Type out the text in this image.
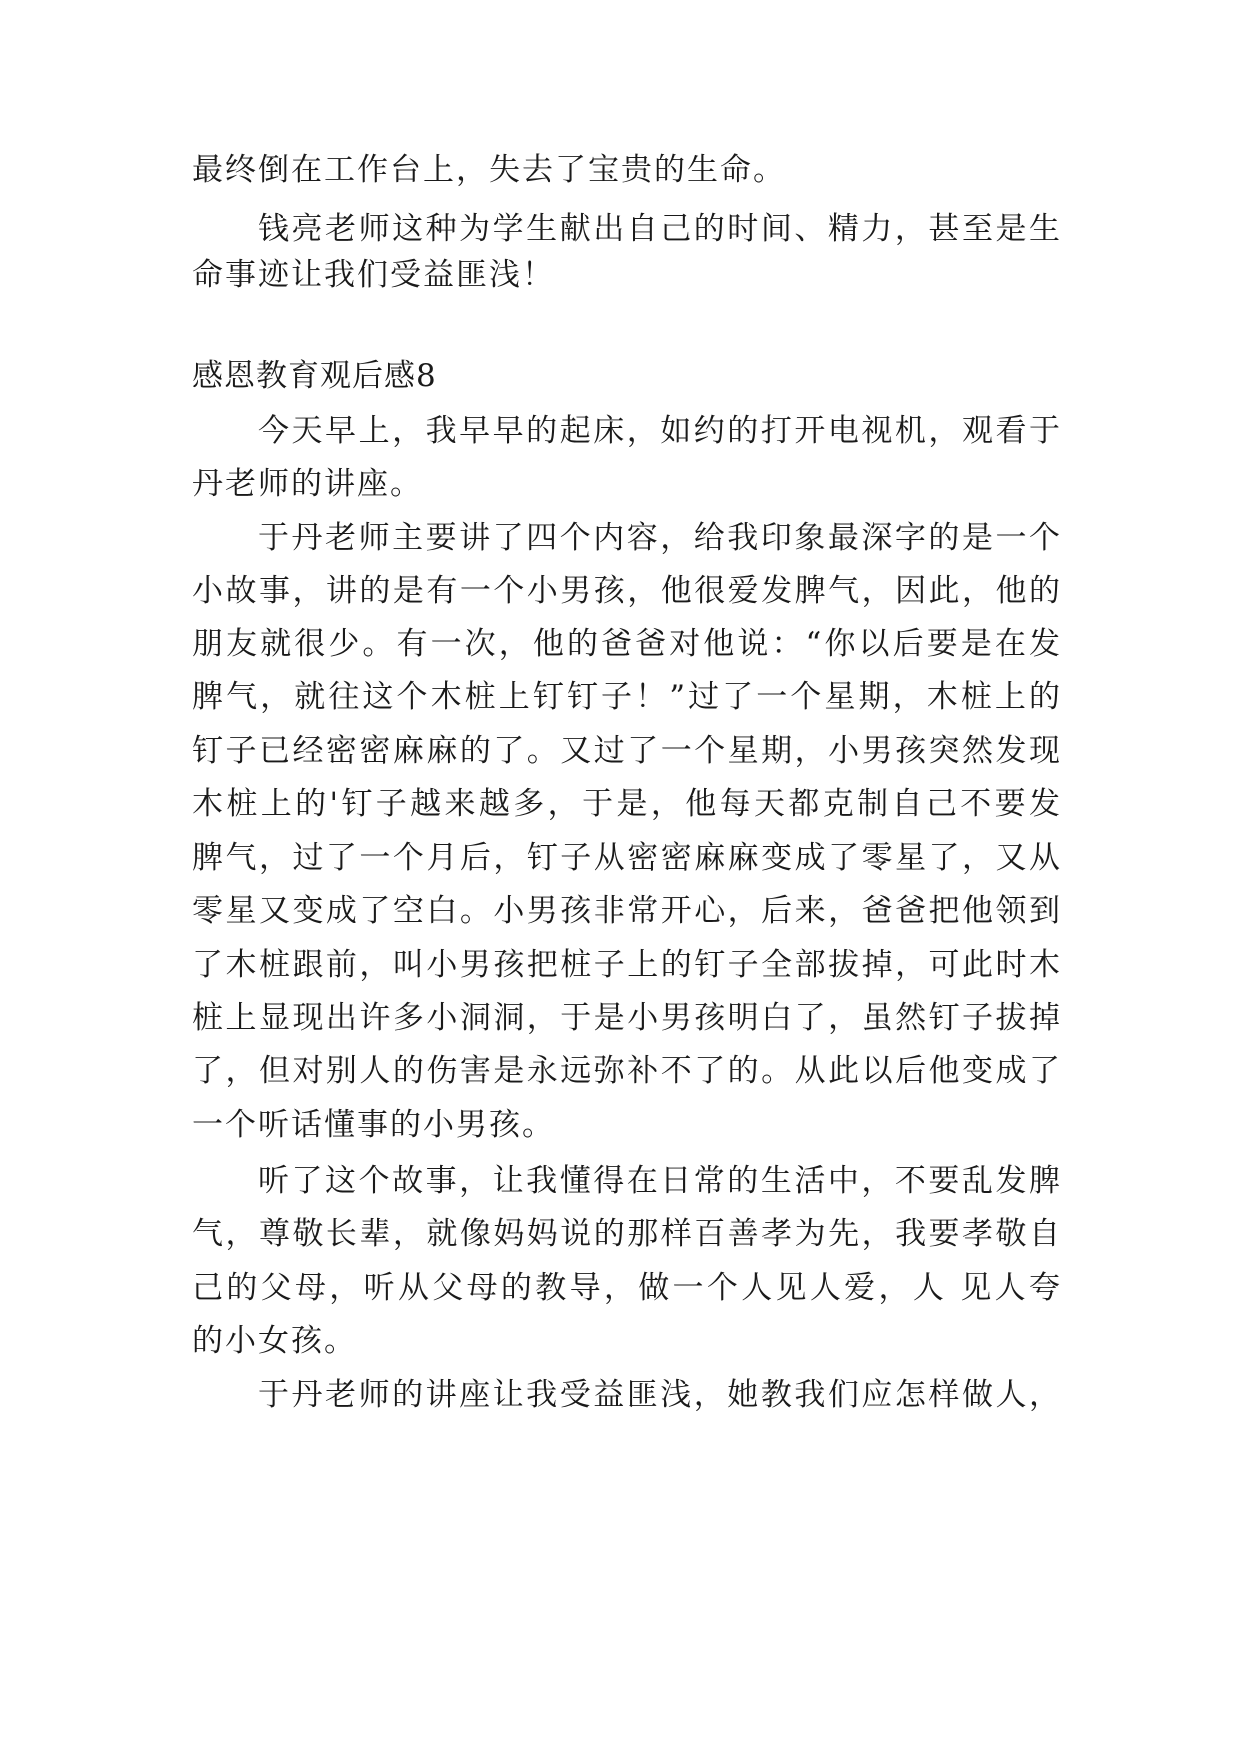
最终倒在工作台上，失去了宝贵的生命。
钱亮老师这种为学生献出自己的时间、精力，甚至是生
命事迹让我们受益匪浅！
感恩教育观后感8
今天早上，我早早的起床，如约的打开电视机，观看于
丹老师的讲座。
于丹老师主要讲了四个内容，给我印象最深字的是一个
小故事，讲的是有一个小男孩，他很爱发脾气，因此，他的
朋友就很少。有一次，他的爸爸对他说：“你以后要是在发
脾气，就往这个木桩上钉钉子！”过了一个星期，木桩上的
钉子已经密密麻麻的了。又过了一个星期，小男孩突然发现
木桩上的'钉子越来越多，于是，他每天都克制自己不要发
脾气，过了一个月后，钉子从密密麻麻变成了零星了，又从
零星又变成了空白。小男孩非常开心，后来，爸爸把他领到
了木桩跟前，叫小男孩把桩子上的钉子全部拔掉，可此时木
桩上显现出许多小洞洞，于是小男孩明白了，虽然钉子拔掉
了，但对别人的伤害是永远弥补不了的。从此以后他变成了
一个听话懂事的小男孩。
听了这个故事，让我懂得在日常的生活中，不要乱发脾
气，尊敬长辈，就像妈妈说的那样百善孝为先，我要孝敬自
己的父母，听从父母的教导，做一个人见人爱，人 见人夸
的小女孩。
于丹老师的讲座让我受益匪浅，她教我们应怎样做人，
